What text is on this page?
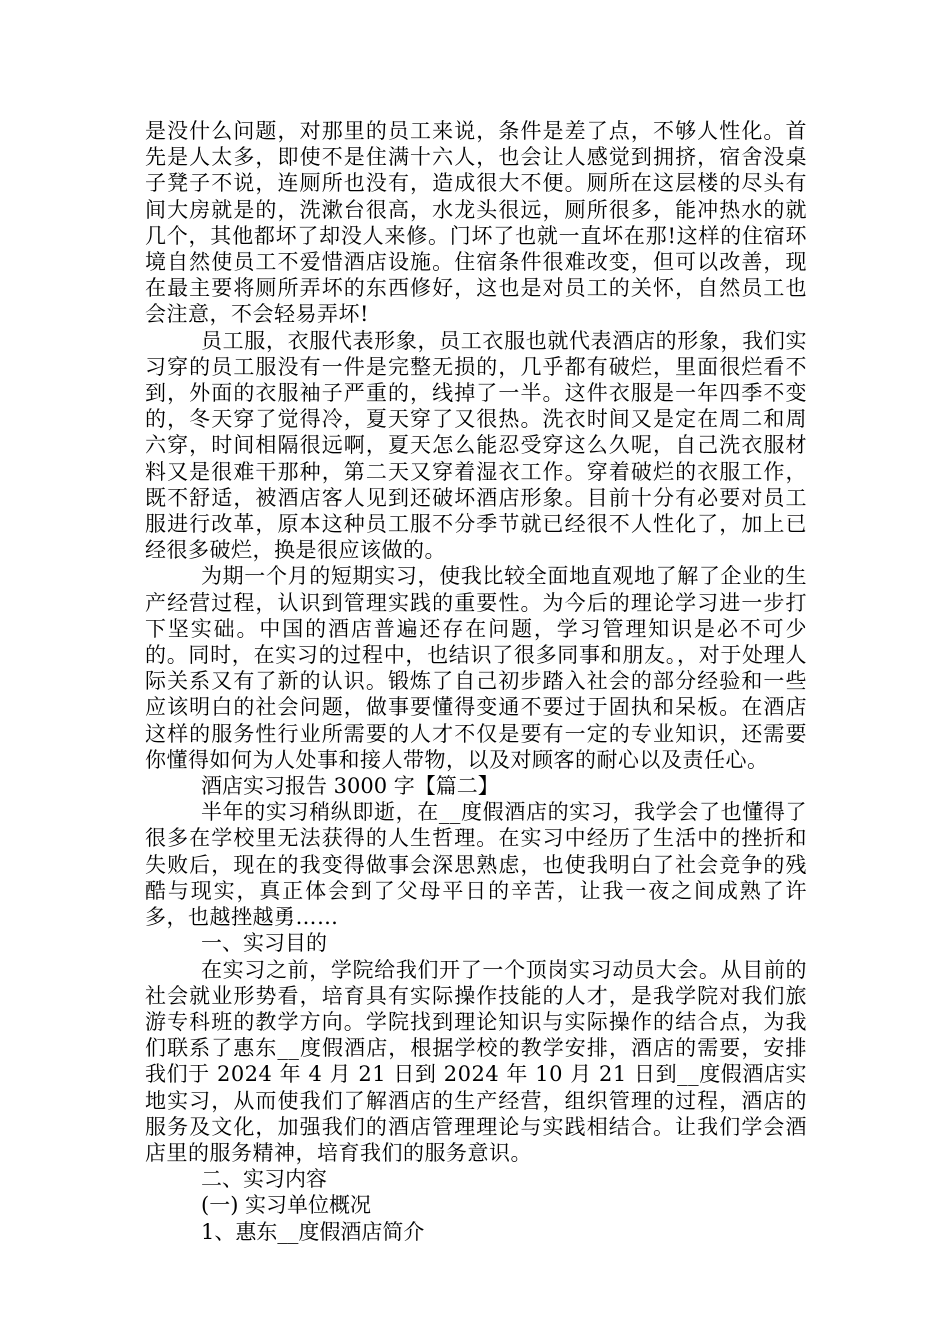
是没什么问题，对那里的员工来说，条件是差了点，不够人性化。首先是人太多，即使不是住满十六人，也会让人感觉到拥挤，宿舍没桌子凳子不说，连厕所也没有，造成很大不便。厕所在这层楼的尽头有间大房就是的，洗漱台很高，水龙头很远，厕所很多，能冲热水的就几个，其他都坏了却没人来修。门坏了也就一直坏在那!这样的住宿环境自然使员工不爱惜酒店设施。住宿条件很难改变，但可以改善，现在最主要将厕所弄坏的东西修好，这也是对员工的关怀，自然员工也会注意，不会轻易弄坏!

员工服，衣服代表形象，员工衣服也就代表酒店的形象，我们实习穿的员工服没有一件是完整无损的，几乎都有破烂，里面很烂看不到，外面的衣服袖子严重的，线掉了一半。这件衣服是一年四季不变的，冬天穿了觉得冷，夏天穿了又很热。洗衣时间又是定在周二和周六穿，时间相隔很远啊，夏天怎么能忍受穿这么久呢，自己洗衣服材料又是很难干那种，第二天又穿着湿衣工作。穿着破烂的衣服工作，既不舒适，被酒店客人见到还破坏酒店形象。目前十分有必要对员工服进行改革，原本这种员工服不分季节就已经很不人性化了，加上已经很多破烂，换是很应该做的。

为期一个月的短期实习，使我比较全面地直观地了解了企业的生产经营过程，认识到管理实践的重要性。为今后的理论学习进一步打下坚实础。中国的酒店普遍还存在问题，学习管理知识是必不可少的。同时，在实习的过程中，也结识了很多同事和朋友。，对于处理人际关系又有了新的认识。锻炼了自己初步踏入社会的部分经验和一些应该明白的社会问题，做事要懂得变通不要过于固执和呆板。在酒店这样的服务性行业所需要的人才不仅是要有一定的专业知识，还需要你懂得如何为人处事和接人带物，以及对顾客的耐心以及责任心。

酒店实习报告 3000 字【篇二】

半年的实习稍纵即逝，在__度假酒店的实习，我学会了也懂得了很多在学校里无法获得的人生哲理。在实习中经历了生活中的挫折和失败后，现在的我变得做事会深思熟虑，也使我明白了社会竞争的残酷与现实，真正体会到了父母平日的辛苦，让我一夜之间成熟了许多，也越挫越勇……

一、实习目的

在实习之前，学院给我们开了一个顶岗实习动员大会。从目前的社会就业形势看，培育具有实际操作技能的人才，是我学院对我们旅游专科班的教学方向。学院找到理论知识与实际操作的结合点，为我们联系了惠东__度假酒店，根据学校的教学安排，酒店的需要，安排我们于 2024 年 4 月 21 日到 2024 年 10 月 21 日到__度假酒店实地实习，从而使我们了解酒店的生产经营，组织管理的过程，酒店的服务及文化，加强我们的酒店管理理论与实践相结合。让我们学会酒店里的服务精神，培育我们的服务意识。

二、实习内容

(一) 实习单位概况

1、惠东__度假酒店简介
